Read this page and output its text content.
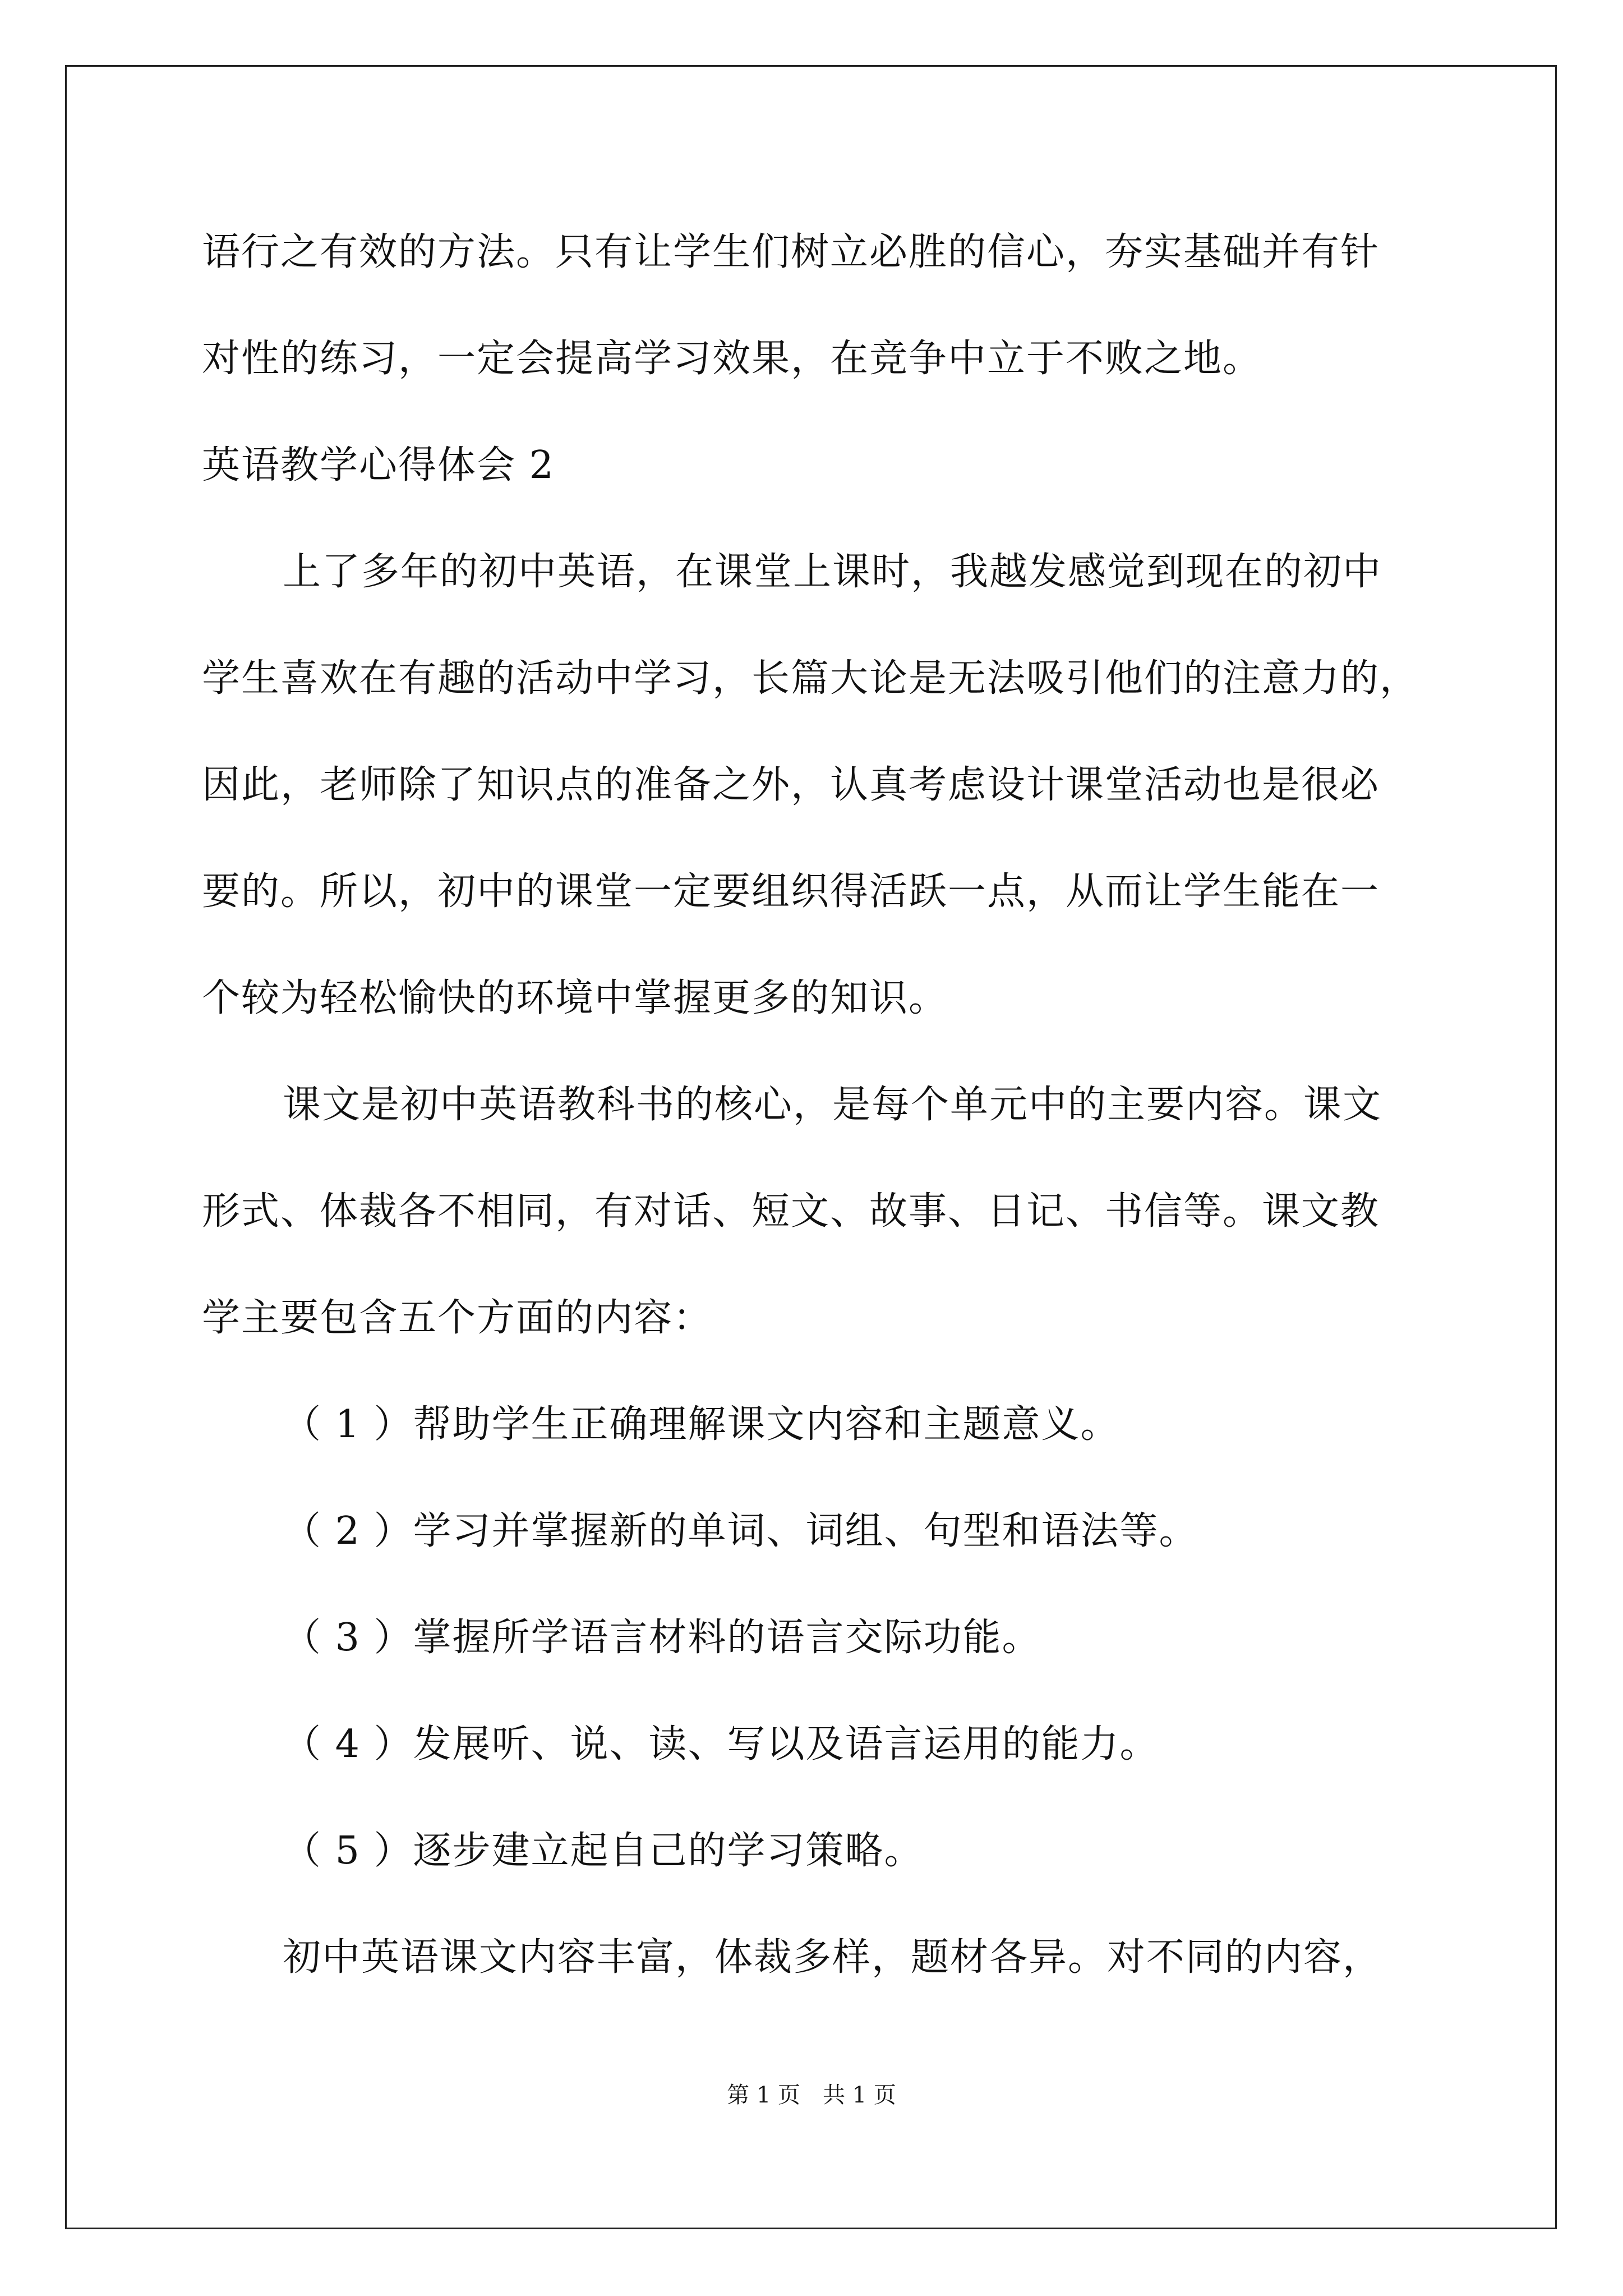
语行之有效的方法。只有让学生们树立必胜的信心，夯实基础并有针
对性的练习，一定会提高学习效果，在竞争中立于不败之地。
英语教学心得体会 2
上了多年的初中英语，在课堂上课时，我越发感觉到现在的初中
学生喜欢在有趣的活动中学习，长篇大论是无法吸引他们的注意力的，
因此，老师除了知识点的准备之外，认真考虑设计课堂活动也是很必
要的。所以，初中的课堂一定要组织得活跃一点，从而让学生能在一
个较为轻松愉快的环境中掌握更多的知识。
课文是初中英语教科书的核心，是每个单元中的主要内容。课文
形式、体裁各不相同，有对话、短文、故事、日记、书信等。课文教
学主要包含五个方面的内容：
（ 1 ）帮助学生正确理解课文内容和主题意义。
（ 2 ）学习并掌握新的单词、词组、句型和语法等。
（ 3 ）掌握所学语言材料的语言交际功能。
（ 4 ）发展听、说、读、写以及语言运用的能力。
（ 5 ）逐步建立起自己的学习策略。
初中英语课文内容丰富，体裁多样，题材各异。对不同的内容，
第 1 页　共 1 页
